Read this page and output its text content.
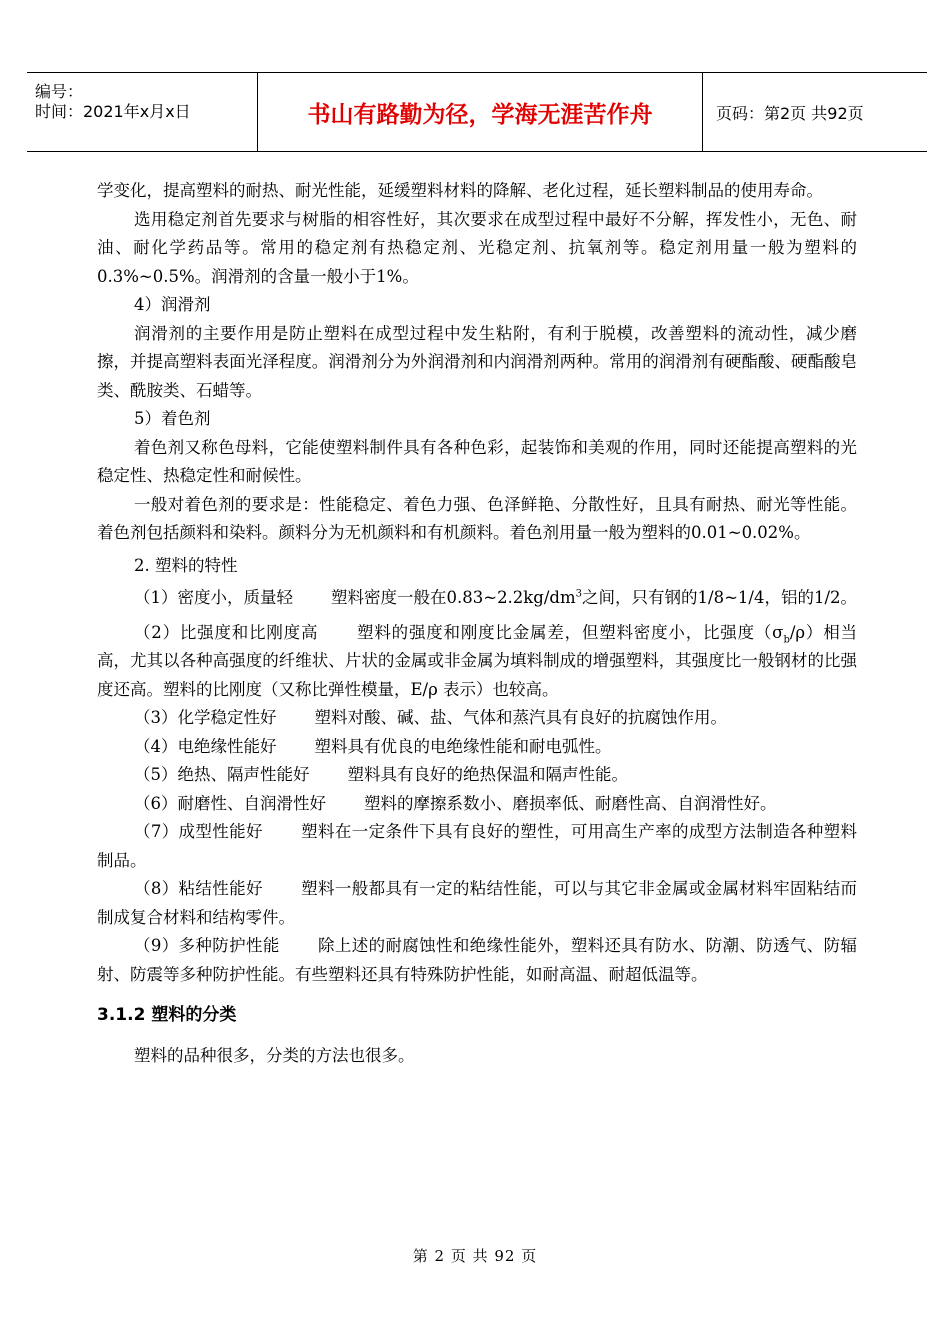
编号：
时间：2021年x月x日	书山有路勤为径，学海无涯苦作舟	页码：第2页 共92页

学变化，提高塑料的耐热、耐光性能，延缓塑料材料的降解、老化过程，延长塑料制品的使用寿命。

选用稳定剂首先要求与树脂的相容性好，其次要求在成型过程中最好不分解，挥发性小，无色、耐油、耐化学药品等。常用的稳定剂有热稳定剂、光稳定剂、抗氧剂等。稳定剂用量一般为塑料的0.3%~0.5%。润滑剂的含量一般小于1%。

4）润滑剂

润滑剂的主要作用是防止塑料在成型过程中发生粘附，有利于脱模，改善塑料的流动性，减少磨擦，并提高塑料表面光泽程度。润滑剂分为外润滑剂和内润滑剂两种。常用的润滑剂有硬酯酸、硬酯酸皂类、酰胺类、石蜡等。

5）着色剂

着色剂又称色母料，它能使塑料制件具有各种色彩，起装饰和美观的作用，同时还能提高塑料的光稳定性、热稳定性和耐候性。

一般对着色剂的要求是：性能稳定、着色力强、色泽鲜艳、分散性好，且具有耐热、耐光等性能。着色剂包括颜料和染料。颜料分为无机颜料和有机颜料。着色剂用量一般为塑料的0.01~0.02%。

2. 塑料的特性

（1）密度小，质量轻 塑料密度一般在$0.83\sim 2.2kg/dm^3$之间，只有钢的1/8~1/4，铝的1/2。

（2）比强度和比刚度高 塑料的强度和刚度比金属差，但塑料密度小，比强度$(\sigma_b/\rho)$相当高，尤其以各种高强度的纤维状、片状的金属或非金属为填料制成的增强塑料，其强度比一般钢材的比强度还高。塑料的比刚度（又称比弹性模量，E/ρ 表示）也较高。

（3）化学稳定性好 塑料对酸、碱、盐、气体和蒸汽具有良好的抗腐蚀作用。

（4）电绝缘性能好 塑料具有优良的电绝缘性能和耐电弧性。

（5）绝热、隔声性能好 塑料具有良好的绝热保温和隔声性能。

（6）耐磨性、自润滑性好 塑料的摩擦系数小、磨损率低、耐磨性高、自润滑性好。

（7）成型性能好 塑料在一定条件下具有良好的塑性，可用高生产率的成型方法制造各种塑料制品。

（8）粘结性能好 塑料一般都具有一定的粘结性能，可以与其它非金属或金属材料牢固粘结而制成复合材料和结构零件。

（9）多种防护性能 除上述的耐腐蚀性和绝缘性能外，塑料还具有防水、防潮、防透气、防辐射、防震等多种防护性能。有些塑料还具有特殊防护性能，如耐高温、耐超低温等。

3.1.2 塑料的分类

塑料的品种很多，分类的方法也很多。

第 2 页 共 92 页
